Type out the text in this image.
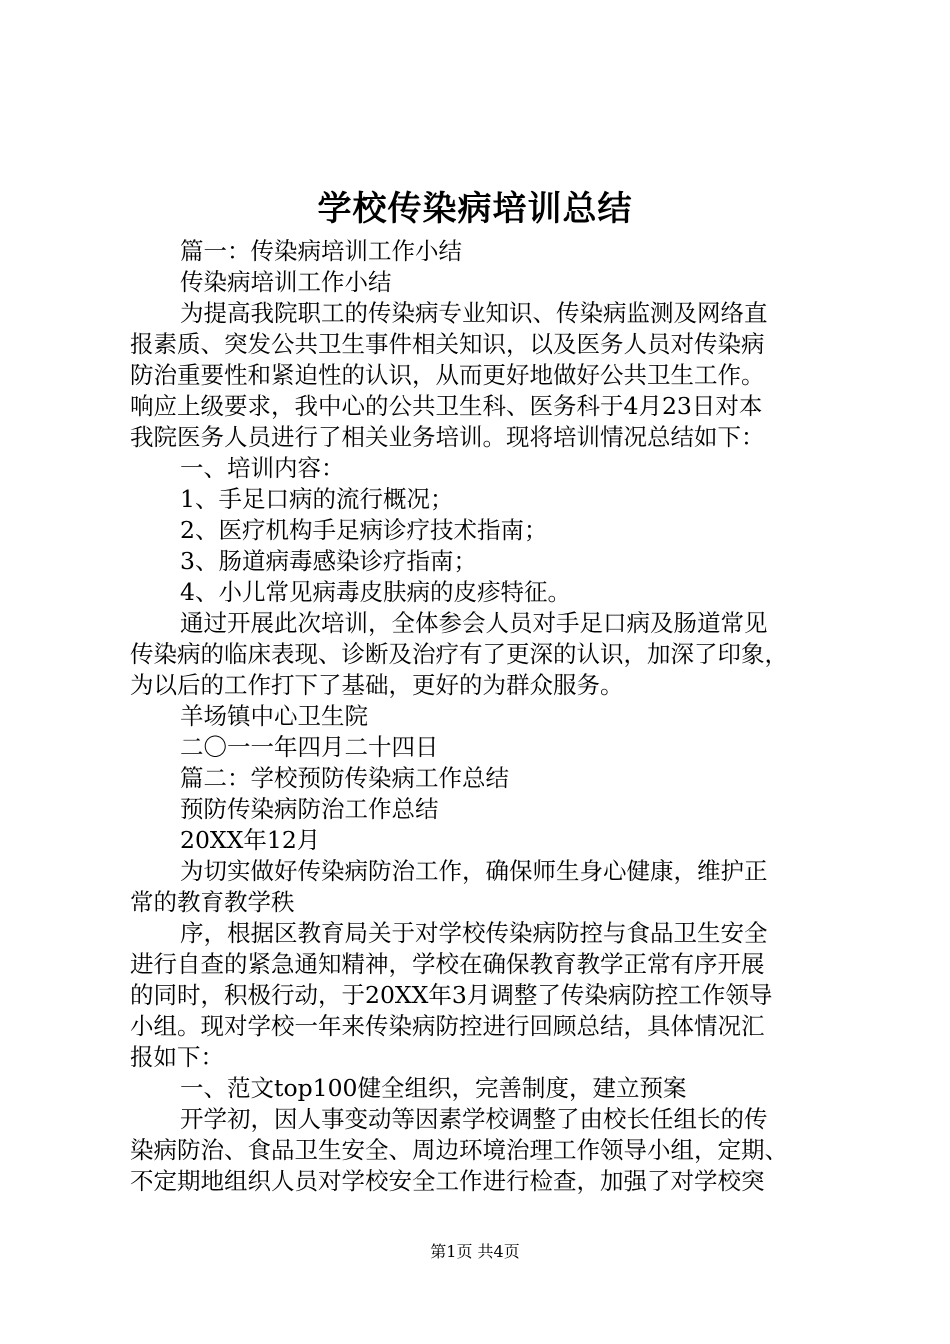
学校传染病培训总结

篇一：传染病培训工作小结

传染病培训工作小结

为提高我院职工的传染病专业知识、传染病监测及网络直

报素质、突发公共卫生事件相关知识，以及医务人员对传染病

防治重要性和紧迫性的认识，从而更好地做好公共卫生工作。

响应上级要求，我中心的公共卫生科、医务科于4月23日对本

我院医务人员进行了相关业务培训。现将培训情况总结如下：

一、培训内容：

1、手足口病的流行概况；

2、医疗机构手足病诊疗技术指南；

3、肠道病毒感染诊疗指南；

4、小儿常见病毒皮肤病的皮疹特征。

通过开展此次培训，全体参会人员对手足口病及肠道常见

传染病的临床表现、诊断及治疗有了更深的认识，加深了印象，

为以后的工作打下了基础，更好的为群众服务。

羊场镇中心卫生院

二〇一一年四月二十四日

篇二：学校预防传染病工作总结

预防传染病防治工作总结

20XX年12月

为切实做好传染病防治工作，确保师生身心健康，维护正

常的教育教学秩

序，根据区教育局关于对学校传染病防控与食品卫生安全

进行自查的紧急通知精神，学校在确保教育教学正常有序开展

的同时，积极行动，于20XX年3月调整了传染病防控工作领导

小组。现对学校一年来传染病防控进行回顾总结，具体情况汇

报如下：

一、范文top100健全组织，完善制度，建立预案

开学初，因人事变动等因素学校调整了由校长任组长的传

染病防治、食品卫生安全、周边环境治理工作领导小组，定期、

不定期地组织人员对学校安全工作进行检查，加强了对学校突

第1页 共4页
